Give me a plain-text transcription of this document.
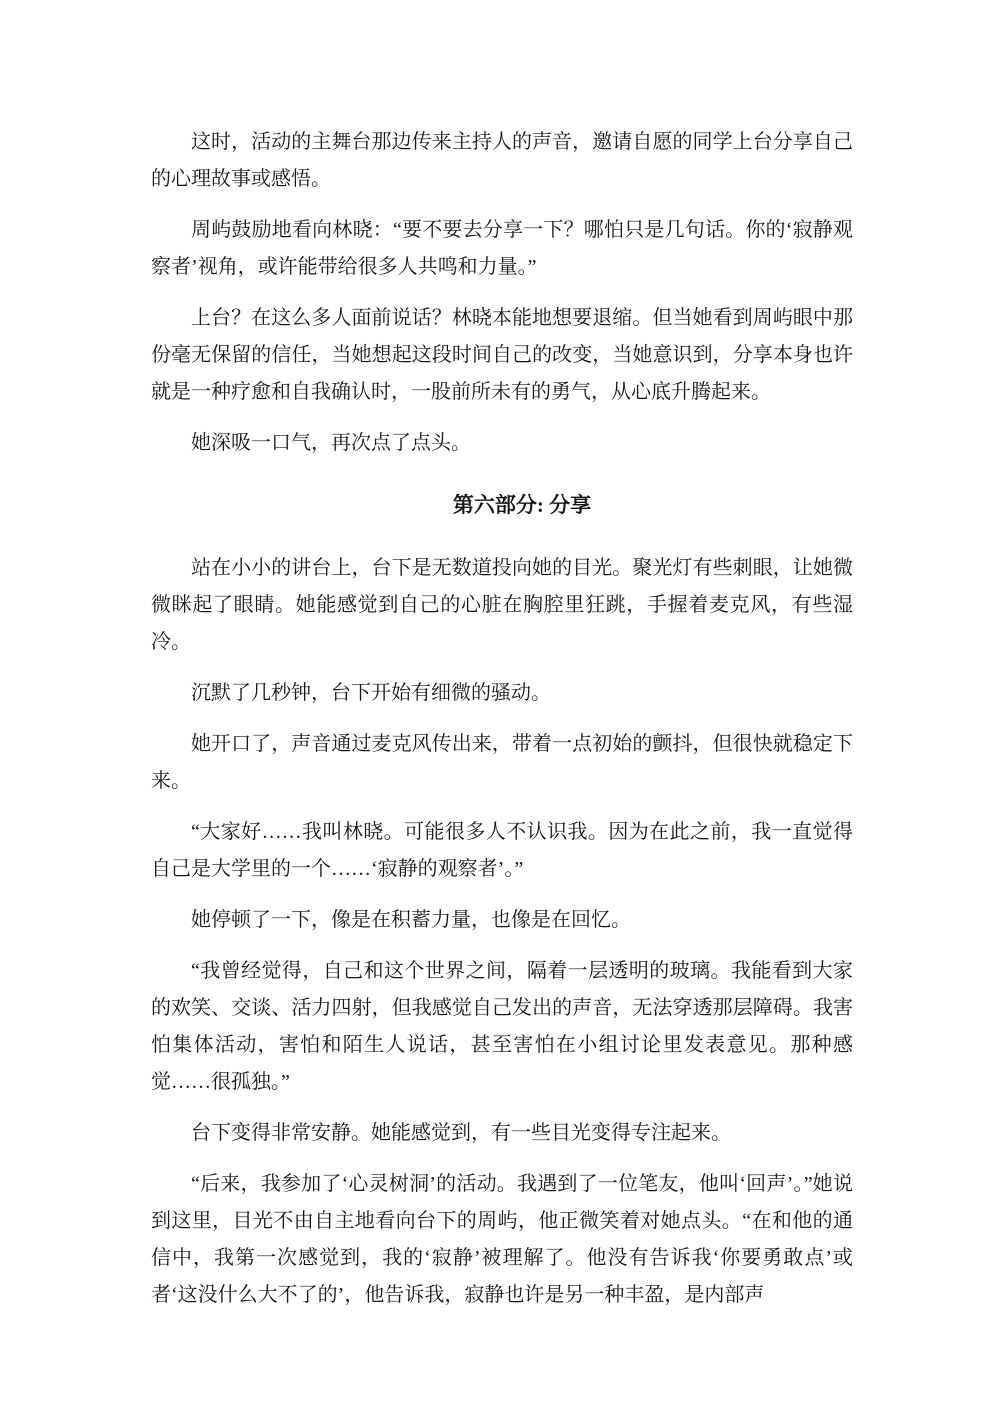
这时，活动的主舞台那边传来主持人的声音，邀请自愿的同学上台分享自己的心理故事或感悟。

周屿鼓励地看向林晓：“要不要去分享一下？哪怕只是几句话。你的‘寂静观察者’视角，或许能带给很多人共鸣和力量。”

上台？在这么多人面前说话？林晓本能地想要退缩。但当她看到周屿眼中那份毫无保留的信任，当她想起这段时间自己的改变，当她意识到，分享本身也许就是一种疗愈和自我确认时，一股前所未有的勇气，从心底升腾起来。

她深吸一口气，再次点了点头。

第六部分: 分享

站在小小的讲台上，台下是无数道投向她的目光。聚光灯有些刺眼，让她微微眯起了眼睛。她能感觉到自己的心脏在胸腔里狂跳，手握着麦克风，有些湿冷。

沉默了几秒钟，台下开始有细微的骚动。

她开口了，声音通过麦克风传出来，带着一点初始的颤抖，但很快就稳定下来。

“大家好……我叫林晓。可能很多人不认识我。因为在此之前，我一直觉得自己是大学里的一个……‘寂静的观察者’。”

她停顿了一下，像是在积蓄力量，也像是在回忆。

“我曾经觉得，自己和这个世界之间，隔着一层透明的玻璃。我能看到大家的欢笑、交谈、活力四射，但我感觉自己发出的声音，无法穿透那层障碍。我害怕集体活动，害怕和陌生人说话，甚至害怕在小组讨论里发表意见。那种感觉……很孤独。”

台下变得非常安静。她能感觉到，有一些目光变得专注起来。

“后来，我参加了‘心灵树洞’的活动。我遇到了一位笔友，他叫‘回声’。”她说到这里，目光不由自主地看向台下的周屿，他正微笑着对她点头。“在和他的通信中，我第一次感觉到，我的‘寂静’被理解了。他没有告诉我‘你要勇敢点’或者‘这没什么大不了的’，他告诉我，寂静也许是另一种丰盈，是内部声
